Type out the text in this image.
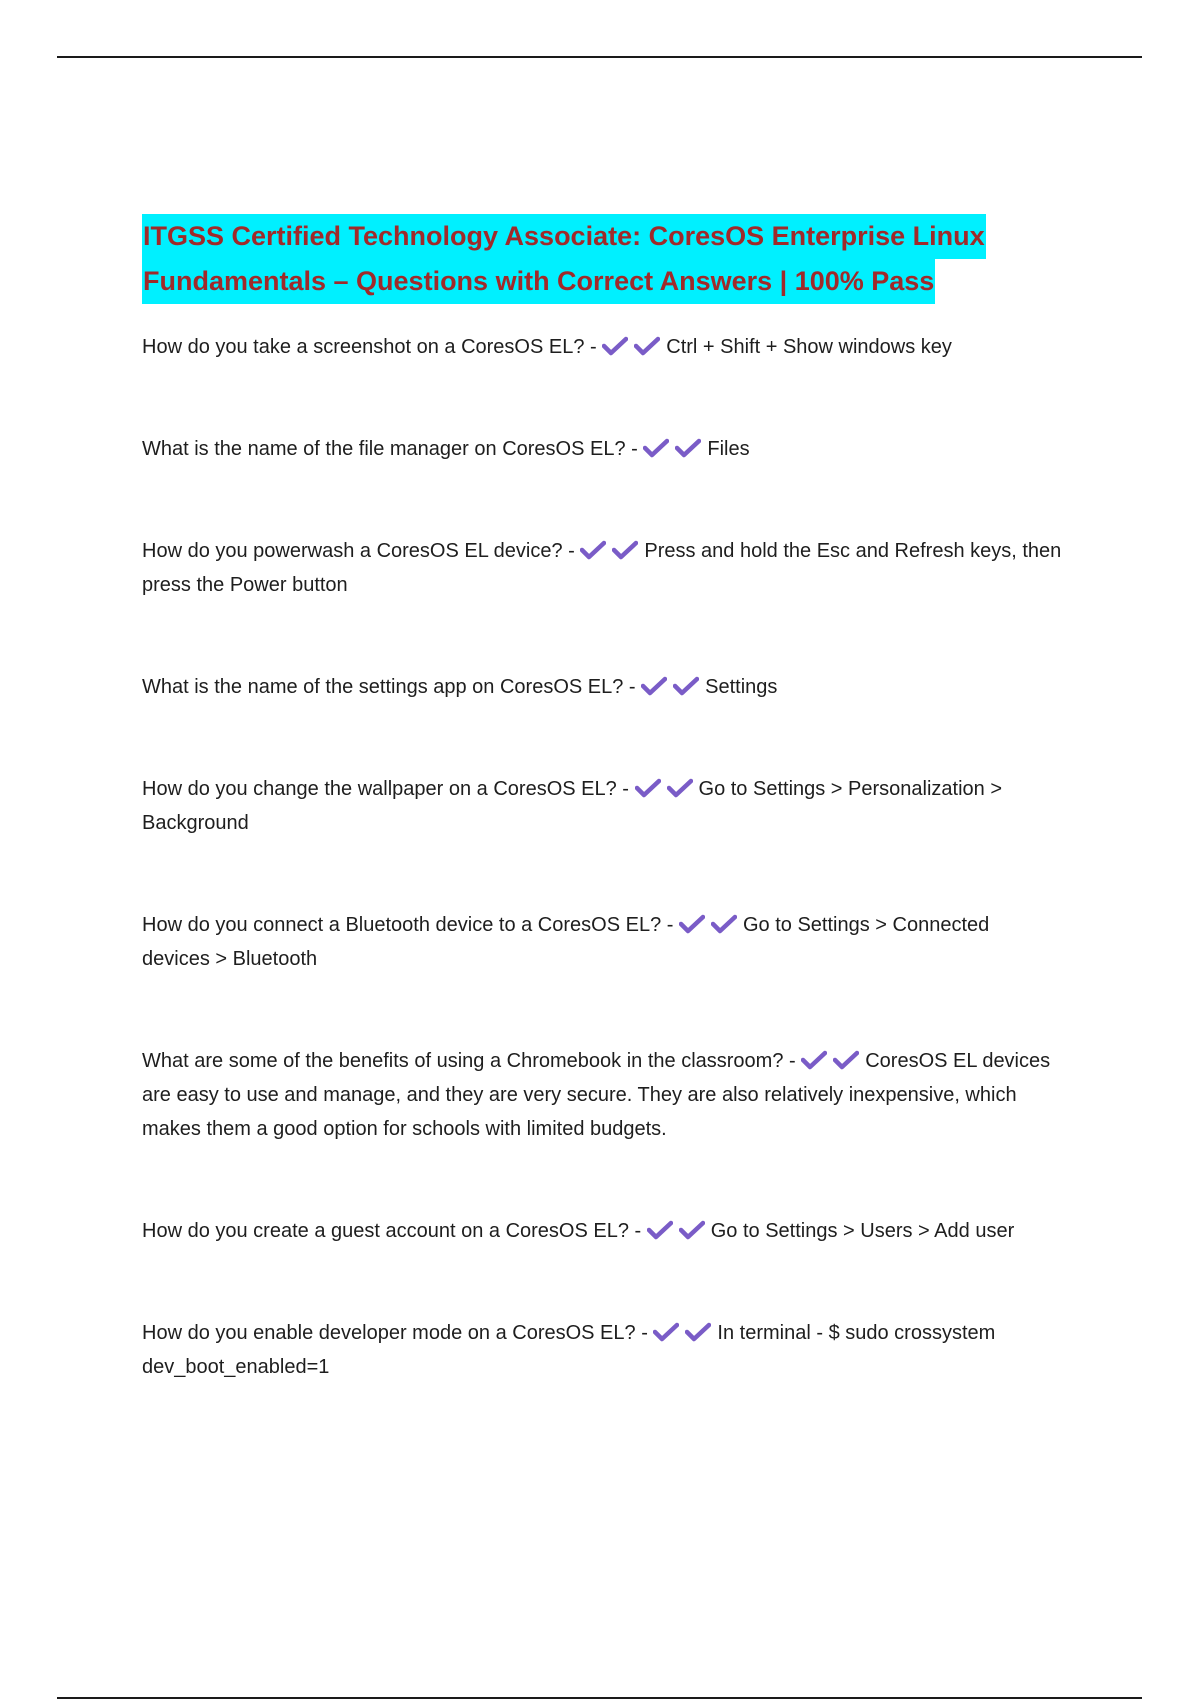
ITGSS Certified Technology Associate: CoresOS Enterprise Linux
Fundamentals – Questions with Correct Answers | 100% Pass

How do you take a screenshot on a CoresOS EL? -	Ctrl + Shift + Show windows key

What is the name of the file manager on CoresOS EL? -	Files

How do you powerwash a CoresOS EL device? -	Press and hold the Esc and Refresh keys, then press the Power button

What is the name of the settings app on CoresOS EL? -	Settings

How do you change the wallpaper on a CoresOS EL? -	Go to Settings > Personalization > Background

How do you connect a Bluetooth device to a CoresOS EL? -	Go to Settings > Connected devices > Bluetooth

What are some of the benefits of using a Chromebook in the classroom? -	CoresOS EL devices are easy to use and manage, and they are very secure. They are also relatively inexpensive, which makes them a good option for schools with limited budgets.

How do you create a guest account on a CoresOS EL? -	Go to Settings > Users > Add user

How do you enable developer mode on a CoresOS EL? -	In terminal - $ sudo crossystem dev_boot_enabled=1
